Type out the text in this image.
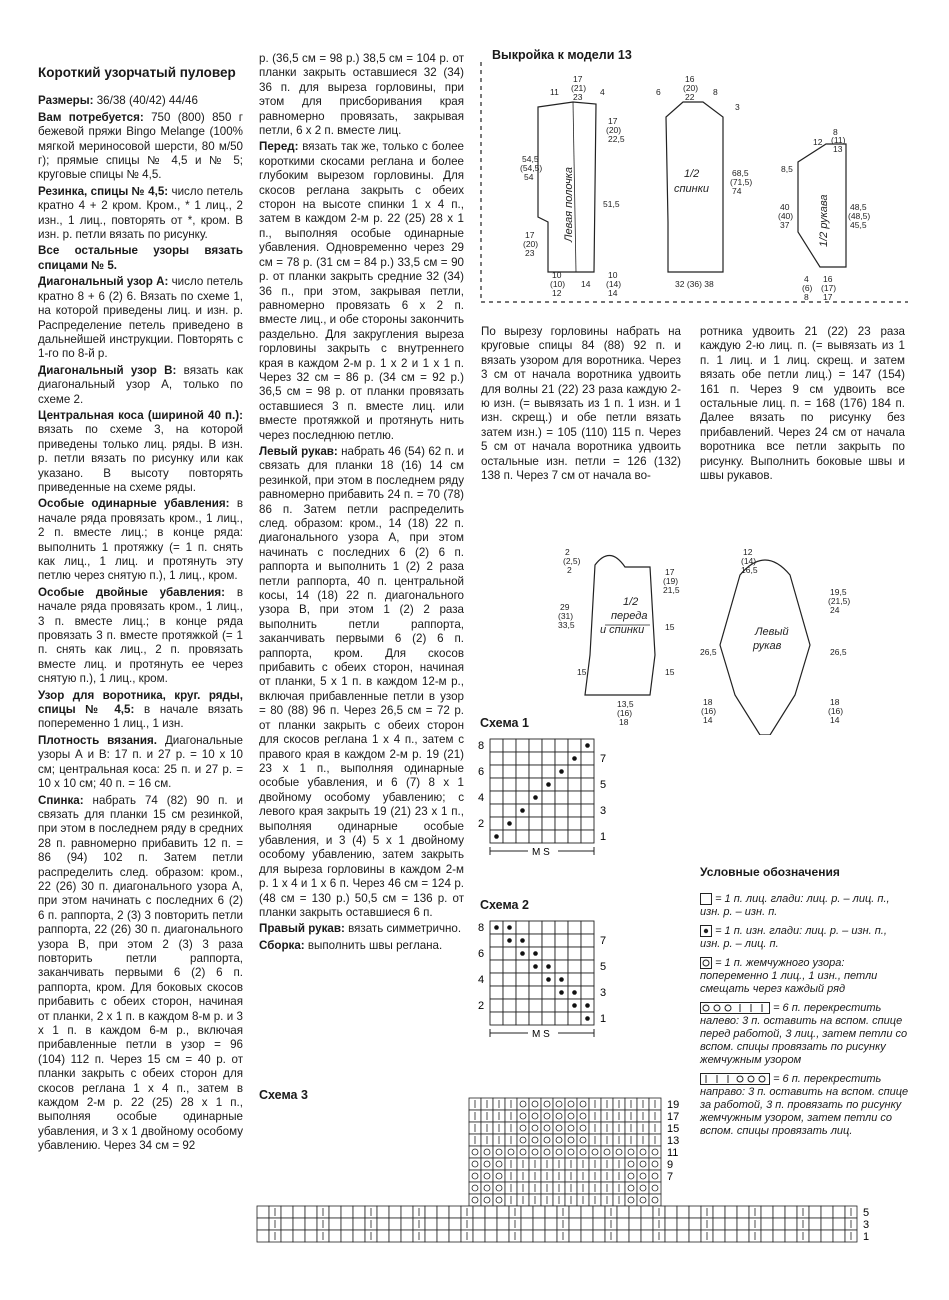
Короткий узорчатый пуловер

Размеры: 36/38 (40/42) 44/46

Вам потребуется: 750 (800) 850 г бежевой пряжи Bingo Melange (100% мягкой мериносовой шерсти, 80 м/50 г); прямые спицы № 4,5 и № 5; круговые спицы № 4,5.

Резинка, спицы № 4,5: число петель кратно 4 + 2 кром. Кром., * 1 лиц., 2 изн., 1 лиц., повторять от *, кром. В изн. р. петли вязать по рисунку.

Все остальные узоры вязать спицами № 5.

Диагональный узор А: число петель кратно 8 + 6 (2) 6. Вязать по схеме 1, на которой приведены лиц. и изн. р. Распределение петель приведено в дальнейшей инструкции. Повторять с 1-го по 8-й р.

Диагональный узор В: вязать как диагональный узор А, только по схеме 2.

Центральная коса (шириной 40 п.): вязать по схеме 3, на которой приведены только лиц. ряды. В изн. р. петли вязать по рисунку или как указано. В высоту повторять приведенные на схеме ряды.

Особые одинарные убавления: в начале ряда провязать кром., 1 лиц., 2 п. вместе лиц.; в конце ряда: выполнить 1 протяжку (= 1 п. снять как лиц., 1 лиц. и протянуть эту петлю через снятую п.), 1 лиц., кром.

Особые двойные убавления: в начале ряда провязать кром., 1 лиц., 3 п. вместе лиц.; в конце ряда провязать 3 п. вместе протяжкой (= 1 п. снять как лиц., 2 п. провязать вместе лиц. и протянуть ее через снятую п.), 1 лиц., кром.

Узор для воротника, круг. ряды, спицы № 4,5: в начале вязать попеременно 1 лиц., 1 изн.

Плотность вязания. Диагональные узоры А и В: 17 п. и 27 р. = 10 х 10 см; центральная коса: 25 п. и 27 р. = 10 х 10 см; 40 п. = 16 см.

Спинка: набрать 74 (82) 90 п. и связать для планки 15 см резинкой, при этом в последнем ряду в средних 28 п. равномерно прибавить 12 п. = 86 (94) 102 п. Затем петли распределить след. образом: кром., 22 (26) 30 п. диагонального узора А, при этом начинать с последних 6 (2) 6 п. раппорта, 2 (3) 3 повторить петли раппорта, 22 (26) 30 п. диагонального узора В, при этом 2 (3) 3 раза повторить петли раппорта, заканчивать первыми 6 (2) 6 п. раппорта, кром. Для боковых скосов прибавить с обеих сторон, начиная от планки, 2 х 1 п. в каждом 8-м р. и 3 х 1 п. в каждом 6-м р., включая прибавленные петли в узор = 96 (104) 112 п. Через 15 см = 40 р. от планки закрыть с обеих сторон для скосов реглана 1 х 4 п., затем в каждом 2-м р. 22 (25) 28 х 1 п., выполняя особые одинарные убавления, и 3 х 1 двойному особому убавлению. Через 34 см = 92

р. (36,5 см = 98 р.) 38,5 см = 104 р. от планки закрыть оставшиеся 32 (34) 36 п. для выреза горловины, при этом для присборивания края равномерно провязать, закрывая петли, 6 х 2 п. вместе лиц.

Перед: вязать так же, только с более короткими скосами реглана и более глубоким вырезом горловины. Для скосов реглана закрыть с обеих сторон на высоте спинки 1 х 4 п., затем в каждом 2-м р. 22 (25) 28 х 1 п., выполняя особые одинарные убавления. Одновременно через 29 см = 78 р. (31 см = 84 р.) 33,5 см = 90 р. от планки закрыть средние 32 (34) 36 п., при этом, закрывая петли, равномерно провязать 6 х 2 п. вместе лиц., и обе стороны закончить раздельно. Для закругления выреза горловины закрыть с внутреннего края в каждом 2-м р. 1 х 2 и 1 х 1 п. Через 32 см = 86 р. (34 см = 92 р.) 36,5 см = 98 р. от планки провязать оставшиеся 3 п. вместе лиц. или вместе протяжкой и протянуть нить через последнюю петлю.

Левый рукав: набрать 46 (54) 62 п. и связать для планки 18 (16) 14 см резинкой, при этом в последнем ряду равномерно прибавить 24 п. = 70 (78) 86 п. Затем петли распределить след. образом: кром., 14 (18) 22 п. диагонального узора А, при этом начинать с последних 6 (2) 6 п. раппорта и выполнить 1 (2) 2 раза петли раппорта, 40 п. центральной косы, 14 (18) 22 п. диагонального узора В, при этом 1 (2) 2 раза выполнить петли раппорта, заканчивать первыми 6 (2) 6 п. раппорта, кром. Для скосов прибавить с обеих сторон, начиная от планки, 5 х 1 п. в каждом 12-м р., включая прибавленные петли в узор = 80 (88) 96 п. Через 26,5 см = 72 р. от планки закрыть с обеих сторон для скосов реглана 1 х 4 п., затем с правого края в каждом 2-м р. 19 (21) 23 х 1 п., выполняя одинарные особые убавления, и 6 (7) 8 х 1 двойному особому убавлению; с левого края закрыть 19 (21) 23 х 1 п., выполняя одинарные особые убавления, и 3 (4) 5 х 1 двойному особому убавлению, затем закрыть для выреза горловины в каждом 2-м р. 1 х 4 и 1 х 6 п. Через 46 см = 124 р. (48 см = 130 р.) 50,5 см = 136 р. от планки закрыть оставшиеся 6 п.

Правый рукав: вязать симметрично.

Сборка: выполнить швы реглана.

Выкройка к модели 13
17
(21)
23
11	4	6
16
(20)
22 8
17
(20)
22,5
54,5
(54,5)
54
51,5
17
(20)
23
10
(10)
12
14
10
(14)
14
32 (36) 38
68,5
(71,5)
74
3
12
8
(11)
13
8,5
40
(40)
37
48,5
(48,5)
45,5
4
(6)
8
16
(17)
17
Левая полочка	1/2
спинки
1/2 рукава
По вырезу горловины набрать на круговые спицы 84 (88) 92 п. и вязать узором для воротника. Через 3 см от начала воротника удвоить для волны 21 (22) 23 раза каждую 2-ю изн. (= вывязать из 1 п. 1 изн. и 1 изн. скрещ.) и обе петли вязать затем изн.) = 105 (110) 115 п. Через 5 см от начала воротника удвоить остальные изн. петли = 126 (132) 138 п. Через 7 см от начала во-
ротника удвоить 21 (22) 23 раза каждую 2-ю лиц. п. (= вывязать из 1 п. 1 лиц. и 1 лиц. скрещ. и затем вязать обе петли лиц.) = 147 (154) 161 п. Через 9 см удвоить все остальные лиц. п. = 168 (176) 184 п. Далее вязать по рисунку без прибавлений. Через 24 см от начала воротника все петли закрыть по рисунку. Выполнить боковые швы и швы рукавов.
2
(2,5)
2
29
(31)
33,5
17
(19)
21,5
15
15
15
13,5
(16)
18
12
(14)
16,5
19,5
(21,5)
24
26,5	26,5
18
(16)
14
18
(16)
14
1/2
переда
и спинки	Левый
рукав
Схема 1
8
6
4
2
7
5
3
1
M S
Схема 2
8
6
4
2
7
5
3
1
M S
Схема 3
19
17
15
13
11
9
7
5
3
1
Условные обозначения
= 1 п. лиц. глади: лиц. р. – лиц. п., изн. р. – изн. п.
= 1 п. изн. глади: лиц. р. – изн. п., изн. р. – лиц. п.
= 1 п. жемчужного узора: попеременно 1 лиц., 1 изн., петли смещать через каждый ряд
= 6 п. перекрестить налево: 3 п. оставить на вспом. спице перед работой, 3 лиц., затем петли со вспом. спицы провязать по рисунку жемчужным узором
= 6 п. перекрестить направо: 3 п. оставить на вспом. спице за работой, 3 п. провязать по рисунку жемчужным узором, затем петли со вспом. спицы провязать лиц.
